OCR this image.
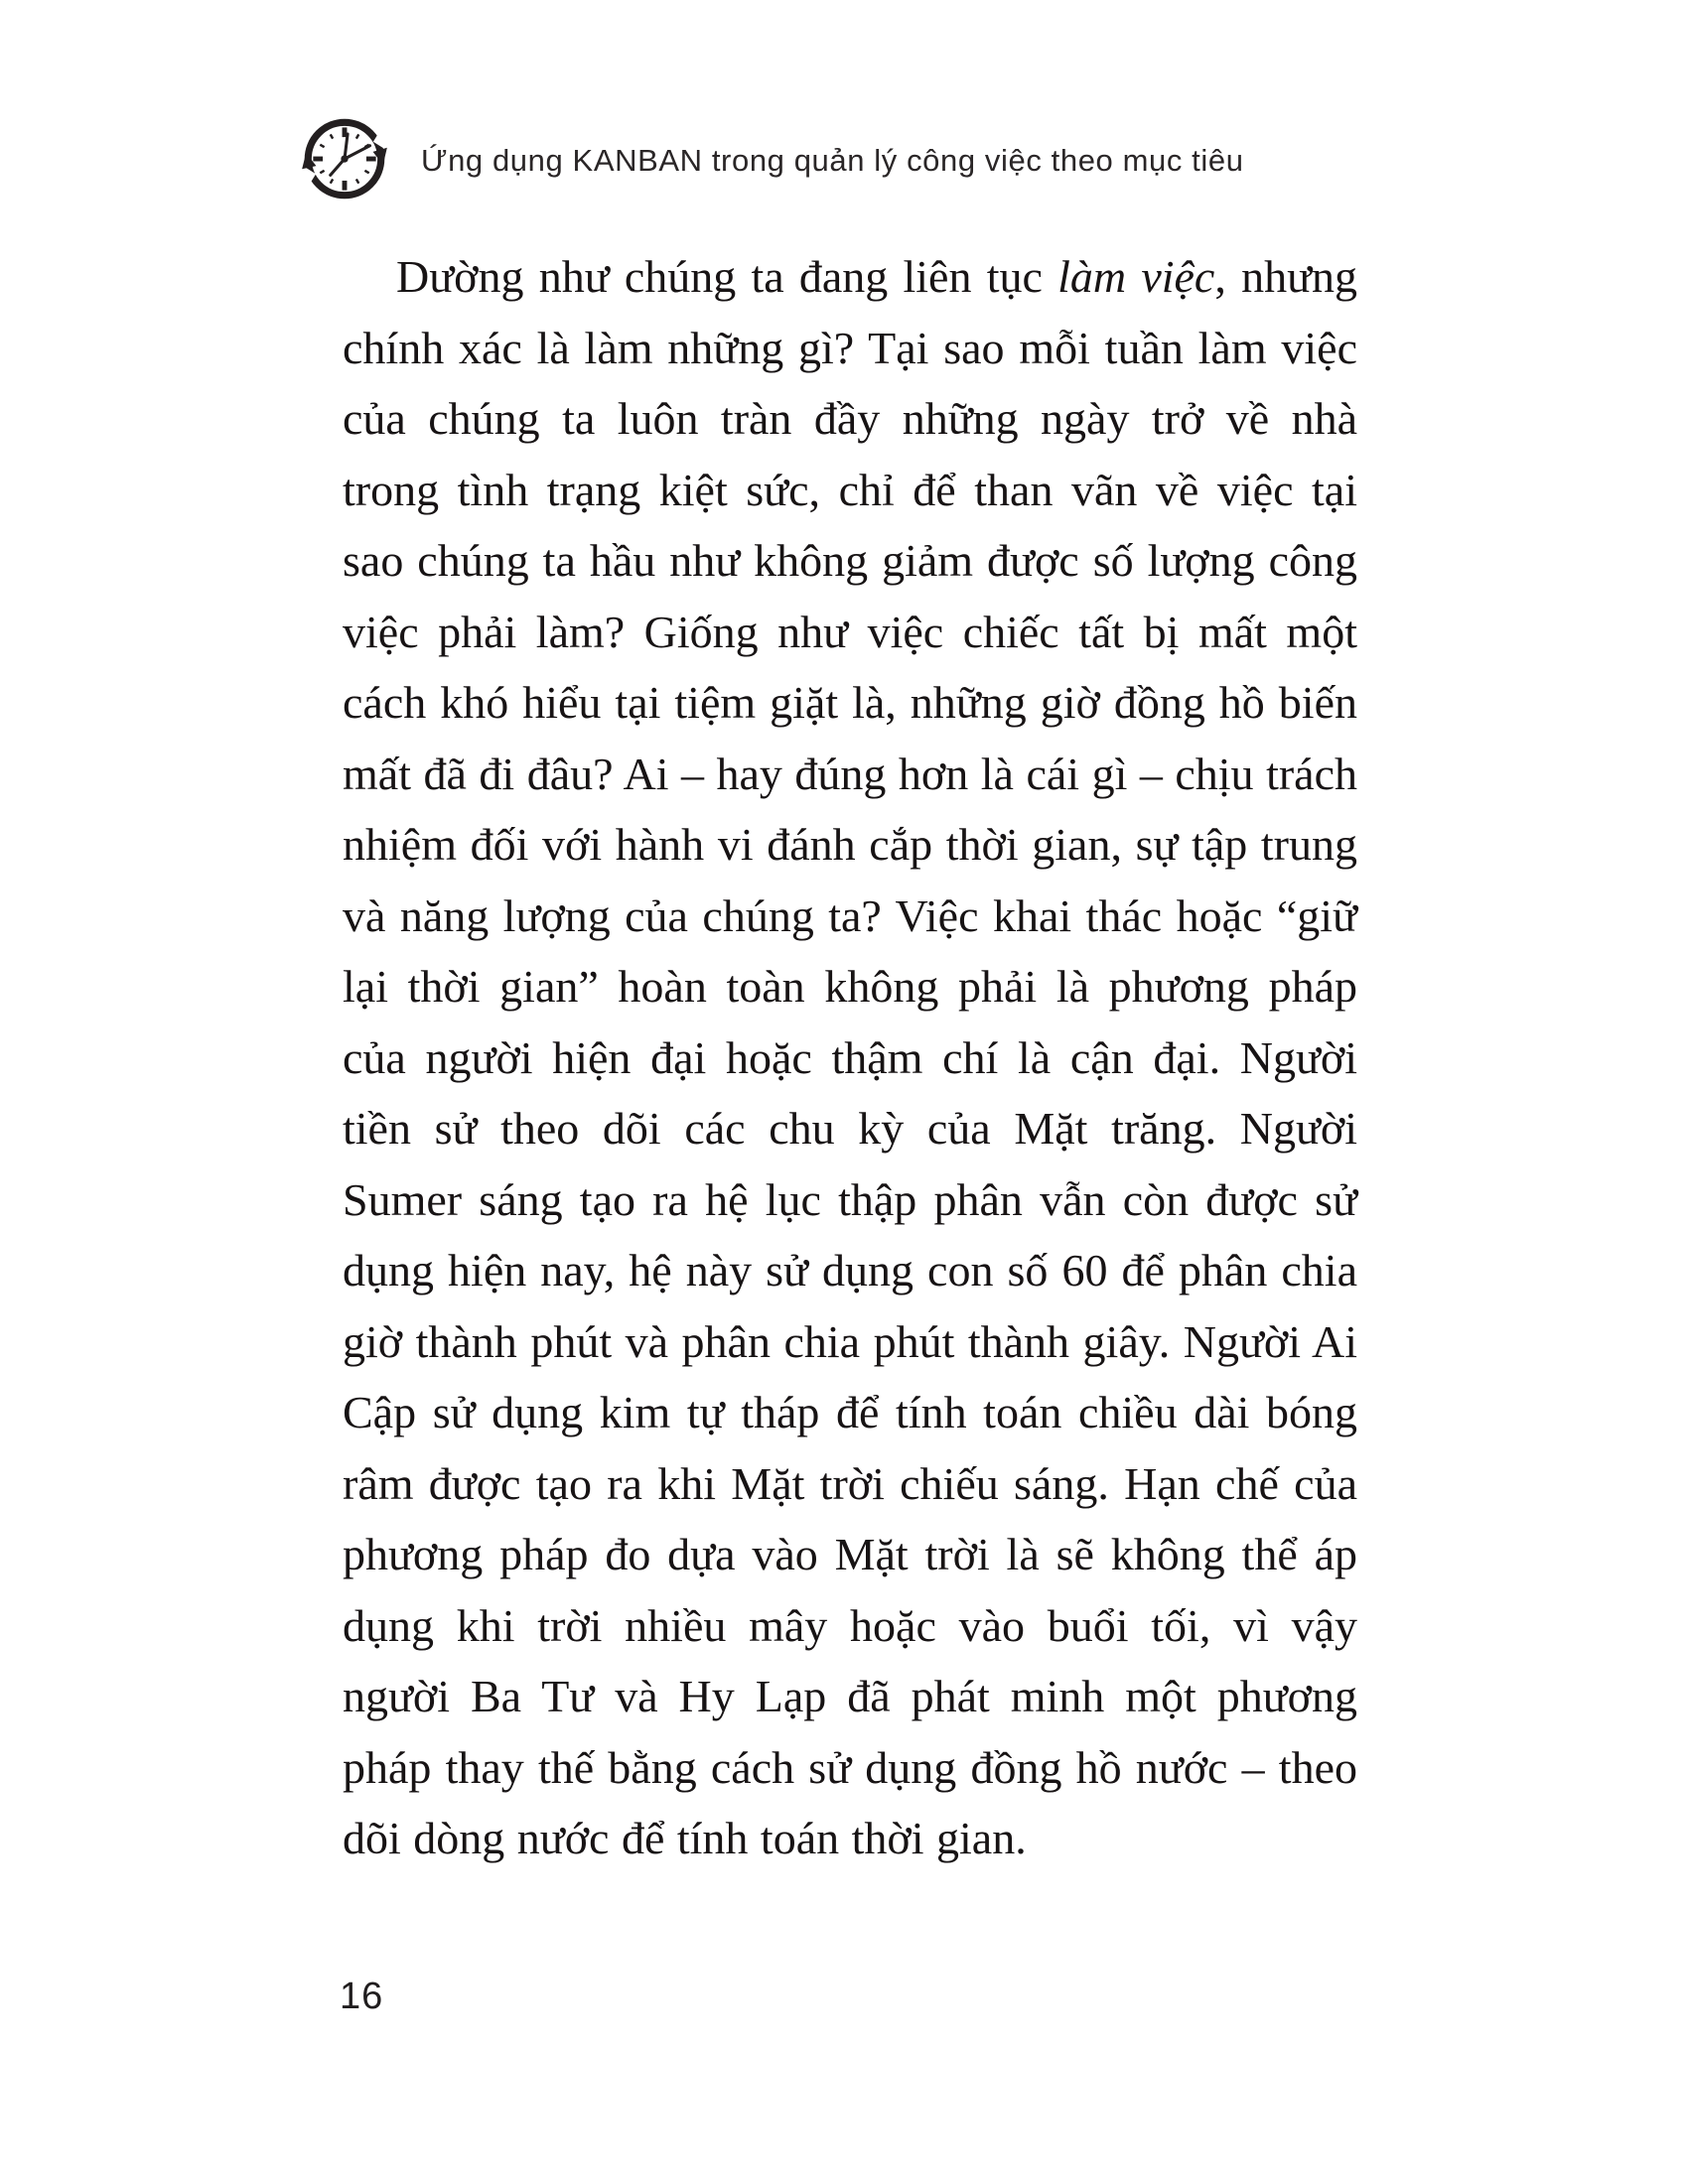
Ứng dụng KANBAN trong quản lý công việc theo mục tiêu

Dường như chúng ta đang liên tục làm việc, nhưng chính xác là làm những gì? Tại sao mỗi tuần làm việc của chúng ta luôn tràn đầy những ngày trở về nhà trong tình trạng kiệt sức, chỉ để than vãn về việc tại sao chúng ta hầu như không giảm được số lượng công việc phải làm? Giống như việc chiếc tất bị mất một cách khó hiểu tại tiệm giặt là, những giờ đồng hồ biến mất đã đi đâu? Ai – hay đúng hơn là cái gì – chịu trách nhiệm đối với hành vi đánh cắp thời gian, sự tập trung và năng lượng của chúng ta? Việc khai thác hoặc “giữ lại thời gian” hoàn toàn không phải là phương pháp của người hiện đại hoặc thậm chí là cận đại. Người tiền sử theo dõi các chu kỳ của Mặt trăng. Người Sumer sáng tạo ra hệ lục thập phân vẫn còn được sử dụng hiện nay, hệ này sử dụng con số 60 để phân chia giờ thành phút và phân chia phút thành giây. Người Ai Cập sử dụng kim tự tháp để tính toán chiều dài bóng râm được tạo ra khi Mặt trời chiếu sáng. Hạn chế của phương pháp đo dựa vào Mặt trời là sẽ không thể áp dụng khi trời nhiều mây hoặc vào buổi tối, vì vậy người Ba Tư và Hy Lạp đã phát minh một phương pháp thay thế bằng cách sử dụng đồng hồ nước – theo dõi dòng nước để tính toán thời gian.

16
